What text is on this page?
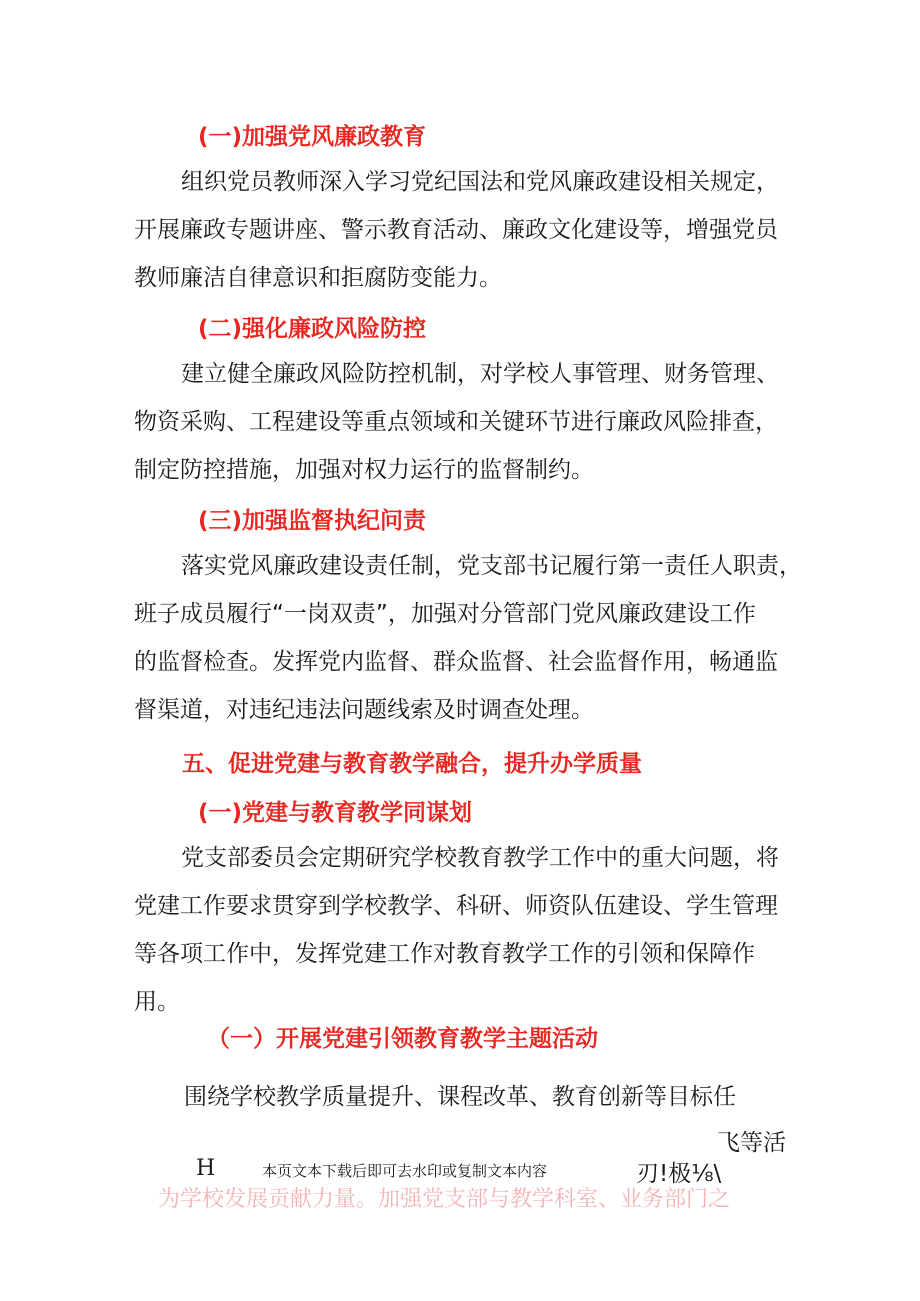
(一)加强党风廉政教育
组织党员教师深入学习党纪国法和党风廉政建设相关规定，
开展廉政专题讲座、警示教育活动、廉政文化建设等，增强党员
教师廉洁自律意识和拒腐防变能力。
(二)强化廉政风险防控
建立健全廉政风险防控机制，对学校人事管理、财务管理、
物资采购、工程建设等重点领域和关键环节进行廉政风险排查，
制定防控措施，加强对权力运行的监督制约。
(三)加强监督执纪问责
落实党风廉政建设责任制，党支部书记履行第一责任人职责，
班子成员履行“一岗双责”，加强对分管部门党风廉政建设工作
的监督检查。发挥党内监督、群众监督、社会监督作用，畅通监
督渠道，对违纪违法问题线索及时调查处理。
五、促进党建与教育教学融合，提升办学质量
(一)党建与教育教学同谋划
党支部委员会定期研究学校教育教学工作中的重大问题，将
党建工作要求贯穿到学校教学、科研、师资队伍建设、学生管理
等各项工作中，发挥党建工作对教育教学工作的引领和保障作
用。
（一）开展党建引领教育教学主题活动
围绕学校教学质量提升、课程改革、教育创新等目标任
飞等活
H	本页文本下载后即可去水印或复制文本内容	刃!极⅛\
为学校发展贡献力量。加强党支部与教学科室、业务部门之
